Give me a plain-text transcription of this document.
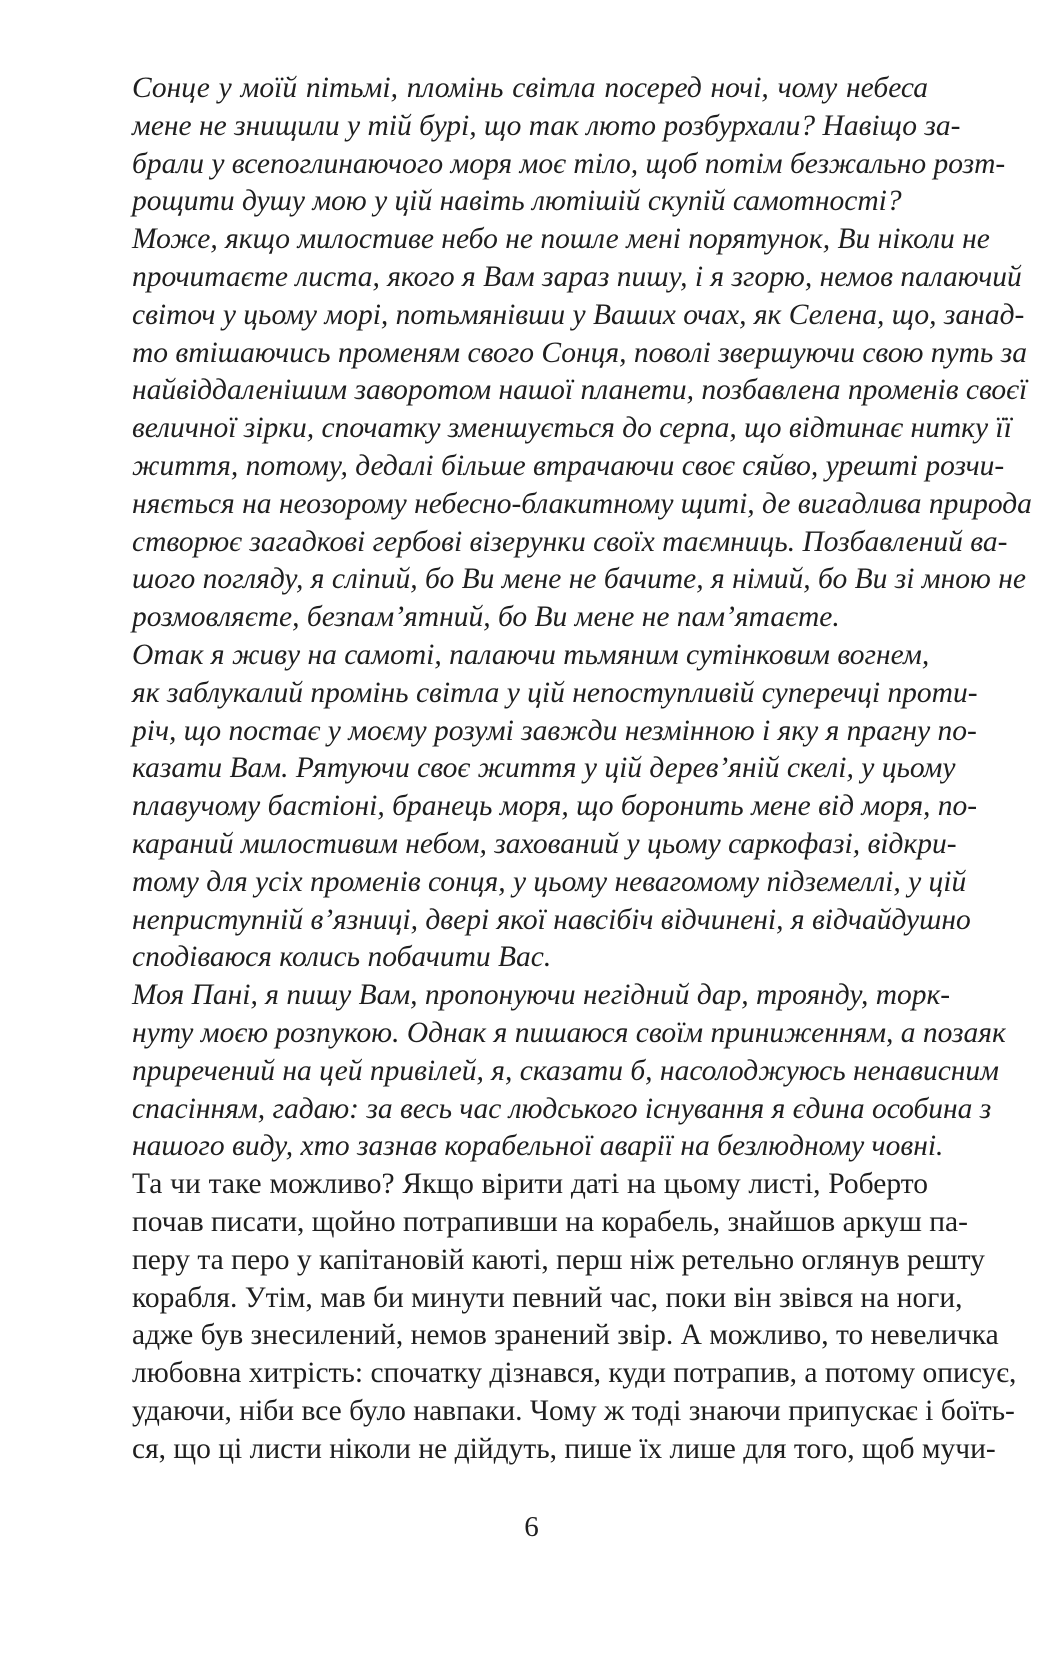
Сонце у моїй пітьмі, пломінь світла посеред ночі, чому небеса
мене не знищили у тій бурі, що так люто розбурхали? Навіщо за-
брали у всепоглинаючого моря моє тіло, щоб потім безжально розт-
рощити душу мою у цій навіть лютішій скупій самотності?
Може, якщо милостиве небо не пошле мені порятунок, Ви ніколи не
прочитаєте листа, якого я Вам зараз пишу, і я згорю, немов палаючий
світоч у цьому морі, потьмянівши у Ваших очах, як Селена, що, занад-
то втішаючись променям свого Сонця, поволі звершуючи свою путь за
найвіддаленішим заворотом нашої планети, позбавлена променів своєї
величної зірки, спочатку зменшується до серпа, що відтинає нитку її
життя, потому, дедалі більше втрачаючи своє сяйво, урешті розчи-
няється на неозорому небесно-блакитному щиті, де вигадлива природа
створює загадкові гербові візерунки своїх таємниць. Позбавлений ва-
шого погляду, я сліпий, бо Ви мене не бачите, я німий, бо Ви зі мною не
розмовляєте, безпам’ятний, бо Ви мене не пам’ятаєте.
Отак я живу на самоті, палаючи тьмяним сутінковим вогнем,
як заблукалий промінь світла у цій непоступливій суперечці проти-
річ, що постає у моєму розумі завжди незмінною і яку я прагну по-
казати Вам. Рятуючи своє життя у цій дерев’яній скелі, у цьому
плавучому бастіоні, бранець моря, що боронить мене від моря, по-
караний милостивим небом, захований у цьому саркофазі, відкри-
тому для усіх променів сонця, у цьому невагомому підземеллі, у цій
неприступній в’язниці, двері якої навсібіч відчинені, я відчайдушно
сподіваюся колись побачити Вас.
Моя Пані, я пишу Вам, пропонуючи негідний дар, троянду, торк-
нуту моєю розпукою. Однак я пишаюся своїм приниженням, а позаяк
приречений на цей привілей, я, сказати б, насолоджуюсь ненависним
спасінням, гадаю: за весь час людського існування я єдина особина з
нашого виду, хто зазнав корабельної аварії на безлюдному човні.
Та чи таке можливо? Якщо вірити даті на цьому листі, Роберто
почав писати, щойно потрапивши на корабель, знайшов аркуш па-
перу та перо у капітановій каюті, перш ніж ретельно оглянув решту
корабля. Утім, мав би минути певний час, поки він звівся на ноги,
адже був знесилений, немов зранений звір. А можливо, то невеличка
любовна хитрість: спочатку дізнався, куди потрапив, а потому описує,
удаючи, ніби все було навпаки. Чому ж тоді знаючи припускає і боїть-
ся, що ці листи ніколи не дійдуть, пише їх лише для того, щоб мучи-
6
